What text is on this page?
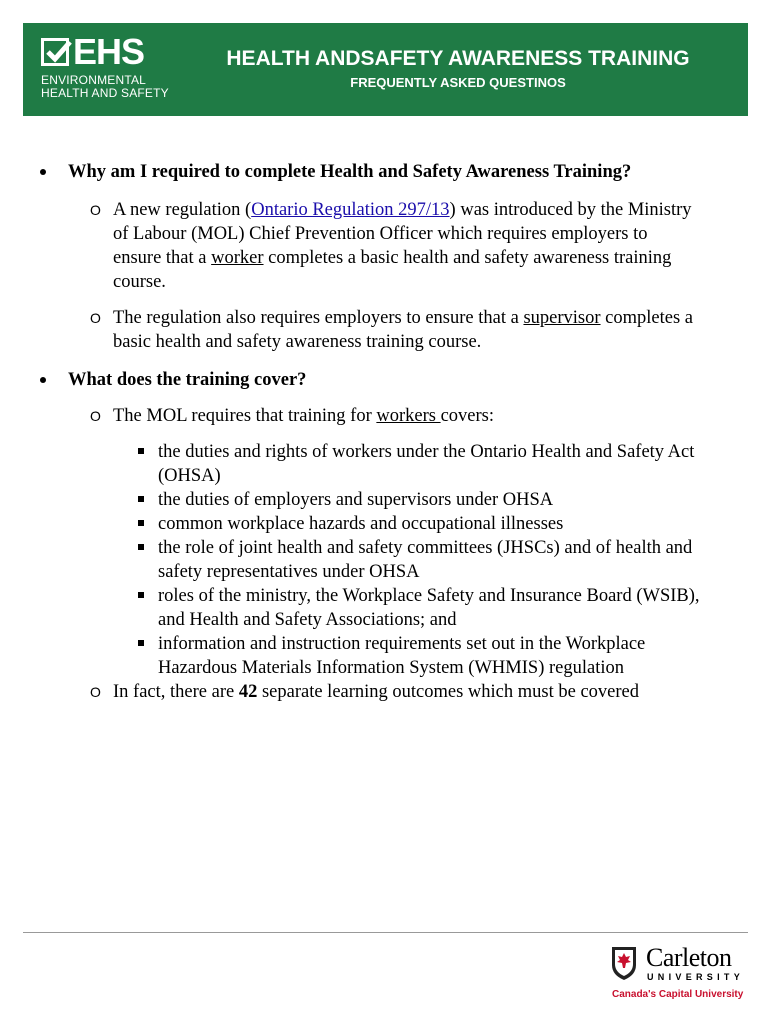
EHS
ENVIRONMENTAL
HEALTH AND SAFETY
HEALTH ANDSAFETY AWARENESS TRAINING
FREQUENTLY ASKED QUESTINOS
Why am I required to complete Health and Safety Awareness Training?
O A new regulation (Ontario Regulation 297/13) was introduced by the Ministry of Labour (MOL) Chief Prevention Officer which requires employers to ensure that a worker completes a basic health and safety awareness training course.
O The regulation also requires employers to ensure that a supervisor completes a basic health and safety awareness training course.
What does the training cover?
O The MOL requires that training for workers covers:
the duties and rights of workers under the Ontario Health and Safety Act (OHSA)
the duties of employers and supervisors under OHSA
common workplace hazards and occupational illnesses
the role of joint health and safety committees (JHSCs) and of health and safety representatives under OHSA
roles of the ministry, the Workplace Safety and Insurance Board (WSIB), and Health and Safety Associations; and
information and instruction requirements set out in the Workplace Hazardous Materials Information System (WHMIS) regulation
O In fact, there are 42 separate learning outcomes which must be covered
Carleton
UNIVERSITY
Canada's Capital University
